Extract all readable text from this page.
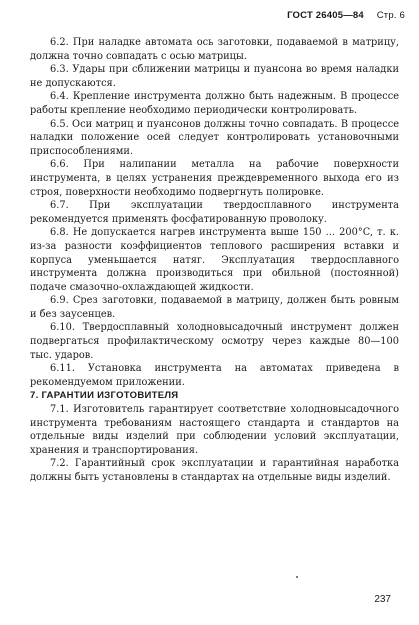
ГОСТ 26405—84 Стр. 6

6.2. При наладке автомата ось заготовки, подаваемой в матрицу, должна точно совпадать с осью матрицы.

6.3. Удары при сближении матрицы и пуансона во время наладки не допускаются.

6.4. Крепление инструмента должно быть надежным. В процессе работы крепление необходимо периодически контролировать.

6.5. Оси матриц и пуансонов должны точно совпадать. В процессе наладки положение осей следует контролировать установочными приспособлениями.

6.6. При налипании металла на рабочие поверхности инструмента, в целях устранения преждевременного выхода его из строя, поверхности необходимо подвергнуть полировке.

6.7. При эксплуатации твердосплавного инструмента рекомендуется применять фосфатированную проволоку.

6.8. Не допускается нагрев инструмента выше 150 ... 200°C, т. к. из-за разности коэффициентов теплового расширения вставки и корпуса уменьшается натяг. Эксплуатация твердосплавного инструмента должна производиться при обильной (постоянной) подаче смазочно-охлаждающей жидкости.

6.9. Срез заготовки, подаваемой в матрицу, должен быть ровным и без заусенцев.

6.10. Твердосплавный холодновысадочный инструмент должен подвергаться профилактическому осмотру через каждые 80—100 тыс. ударов.

6.11. Установка инструмента на автоматах приведена в рекомендуемом приложении.

7. ГАРАНТИИ ИЗГОТОВИТЕЛЯ

7.1. Изготовитель гарантирует соответствие холодновысадочного инструмента требованиям настоящего стандарта и стандартов на отдельные виды изделий при соблюдении условий эксплуатации, хранения и транспортирования.

7.2. Гарантийный срок эксплуатации и гарантийная наработка должны быть установлены в стандартах на отдельные виды изделий.

237
